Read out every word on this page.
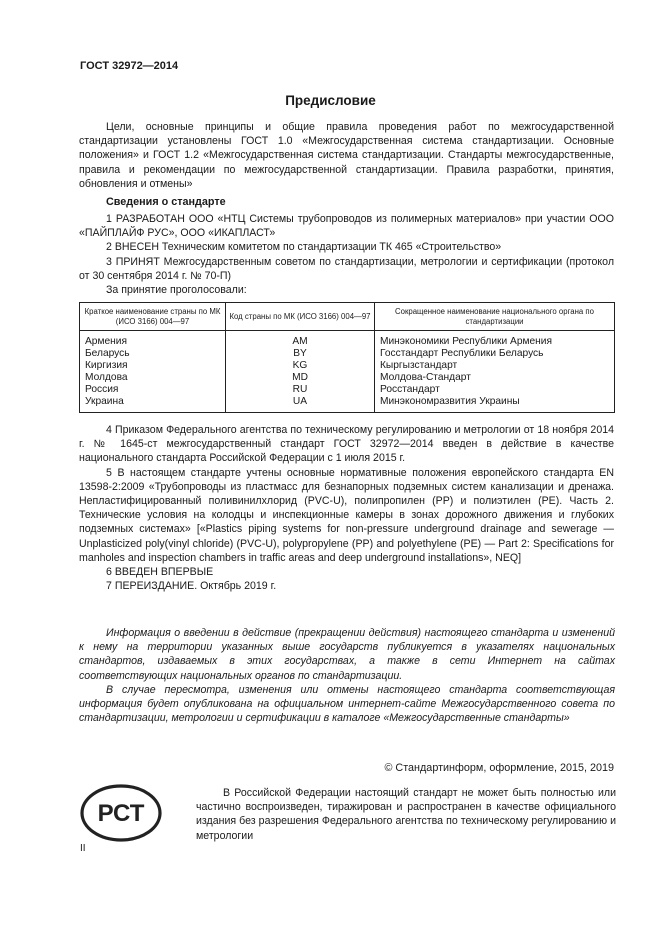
ГОСТ 32972—2014
Предисловие

Цели, основные принципы и общие правила проведения работ по межгосударственной стандартизации установлены ГОСТ 1.0 «Межгосударственная система стандартизации. Основные положения» и ГОСТ 1.2 «Межгосударственная система стандартизации. Стандарты межгосударственные, правила и рекомендации по межгосударственной стандартизации. Правила разработки, принятия, обновления и отмены»

Сведения о стандарте

1 РАЗРАБОТАН ООО «НТЦ Системы трубопроводов из полимерных материалов» при участии ООО «ПАЙПЛАЙФ РУС», ООО «ИКАПЛАСТ»

2 ВНЕСЕН Техническим комитетом по стандартизации ТК 465 «Строительство»

3 ПРИНЯТ Межгосударственным советом по стандартизации, метрологии и сертификации (протокол от 30 сентября 2014 г. № 70-П)

За принятие проголосовали:

Краткое наименование страны по МК (ИСО 3166) 004—97	Код страны по МК (ИСО 3166) 004—97	Сокращенное наименование национального органа по стандартизации
Армения	AM	Минэкономики Республики Армения
Беларусь	BY	Госстандарт Республики Беларусь
Киргизия	KG	Кыргызстандарт
Молдова	MD	Молдова-Стандарт
Россия	RU	Росстандарт
Украина	UA	Минэкономразвития Украины

4 Приказом Федерального агентства по техническому регулированию и метрологии от 18 ноября 2014 г. № 1645-ст межгосударственный стандарт ГОСТ 32972—2014 введен в действие в качестве национального стандарта Российской Федерации с 1 июля 2015 г.

5 В настоящем стандарте учтены основные нормативные положения европейского стандарта EN 13598-2:2009 «Трубопроводы из пластмасс для безнапорных подземных систем канализации и дренажа. Непластифицированный поливинилхлорид (PVC-U), полипропилен (PP) и полиэтилен (PE). Часть 2. Технические условия на колодцы и инспекционные камеры в зонах дорожного движения и глубоких подземных системах» [«Plastics piping systems for non-pressure underground drainage and sewerage — Unplasticized poly(vinyl chloride) (PVC-U), polypropylene (PP) and polyethylene (PE) — Part 2: Specifications for manholes and inspection chambers in traffic areas and deep underground installations», NEQ]

6 ВВЕДЕН ВПЕРВЫЕ

7 ПЕРЕИЗДАНИЕ. Октябрь 2019 г.

Информация о введении в действие (прекращении действия) настоящего стандарта и изменений к нему на территории указанных выше государств публикуется в указателях национальных стандартов, издаваемых в этих государствах, а также в сети Интернет на сайтах соответствующих национальных органов по стандартизации.

В случае пересмотра, изменения или отмены настоящего стандарта соответствующая информация будет опубликована на официальном интернет-сайте Межгосударственного совета по стандартизации, метрологии и сертификации в каталоге «Межгосударственные стандарты»

© Стандартинформ, оформление, 2015, 2019
РСТ

В Российской Федерации настоящий стандарт не может быть полностью или частично воспроизведен, тиражирован и распространен в качестве официального издания без разрешения Федерального агентства по техническому регулированию и метрологии

II
